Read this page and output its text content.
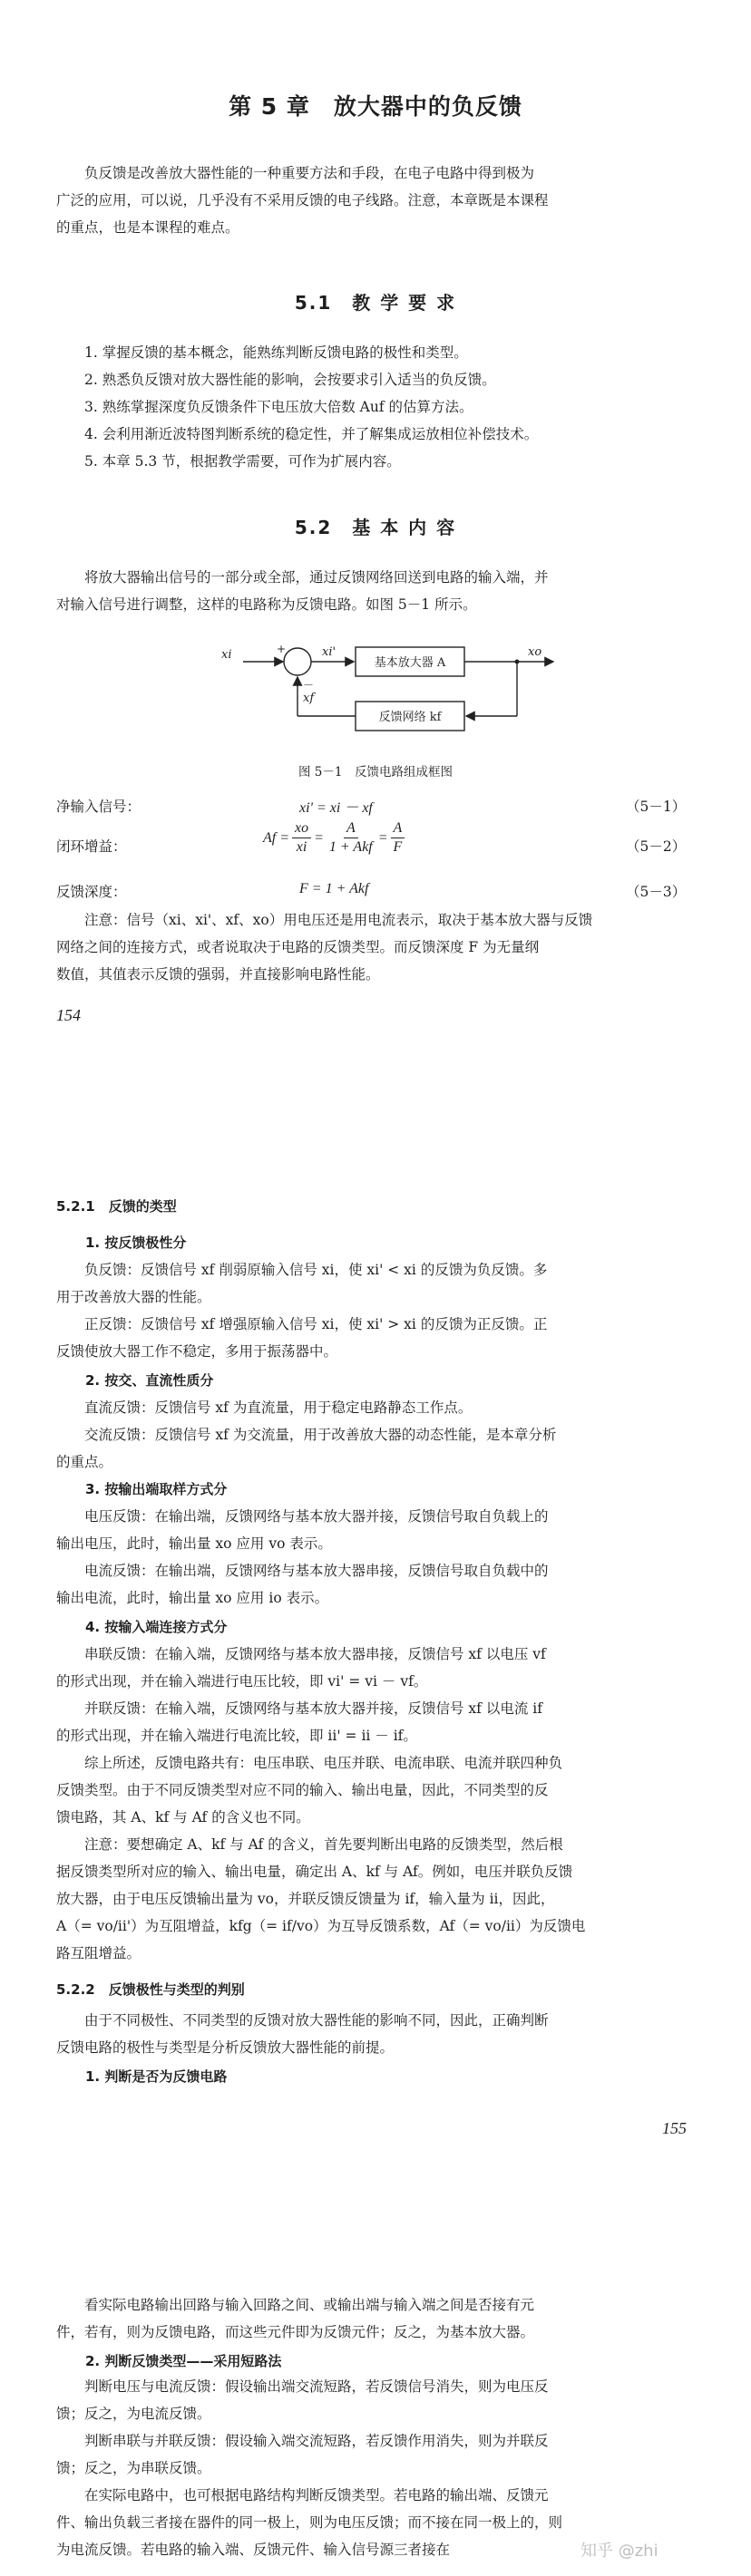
第 5 章　放大器中的负反馈
负反馈是改善放大器性能的一种重要方法和手段，在电子电路中得到极为
广泛的应用，可以说，几乎没有不采用反馈的电子线路。注意，本章既是本课程
的重点，也是本课程的难点。
5.1　教 学 要 求
1. 掌握反馈的基本概念，能熟练判断反馈电路的极性和类型。
2. 熟悉负反馈对放大器性能的影响，会按要求引入适当的负反馈。
3. 熟练掌握深度负反馈条件下电压放大倍数 Auf 的估算方法。
4. 会利用渐近波特图判断系统的稳定性，并了解集成运放相位补偿技术。
5. 本章 5.3 节，根据教学需要，可作为扩展内容。
5.2　基 本 内 容
将放大器输出信号的一部分或全部，通过反馈网络回送到电路的输入端，并
对输入信号进行调整，这样的电路称为反馈电路。如图 5－1 所示。
+
－
基本放大器 A
反馈网络 kf
xi	xi'
xf
xo
图 5－1　反馈电路组成框图
净输入信号：	xi' = xi － xf	（5－1）
闭环增益：
$Af = \frac{xo}{xi} = \frac{A}{\text{1 + Akf}} = \frac{A}{F}$	（5－2）
反馈深度：	F = 1 + Akf	（5－3）
注意：信号（xi、xi'、xf、xo）用电压还是用电流表示，取决于基本放大器与反馈
网络之间的连接方式，或者说取决于电路的反馈类型。而反馈深度 F 为无量纲
数值，其值表示反馈的强弱，并直接影响电路性能。
154
5.2.1　反馈的类型
1. 按反馈极性分
负反馈：反馈信号 xf 削弱原输入信号 xi，使 xi' < xi 的反馈为负反馈。多
用于改善放大器的性能。
正反馈：反馈信号 xf 增强原输入信号 xi，使 xi' > xi 的反馈为正反馈。正
反馈使放大器工作不稳定，多用于振荡器中。
2. 按交、直流性质分
直流反馈：反馈信号 xf 为直流量，用于稳定电路静态工作点。
交流反馈：反馈信号 xf 为交流量，用于改善放大器的动态性能，是本章分析
的重点。
3. 按输出端取样方式分
电压反馈：在输出端，反馈网络与基本放大器并接，反馈信号取自负载上的
输出电压，此时，输出量 xo 应用 vo 表示。
电流反馈：在输出端，反馈网络与基本放大器串接，反馈信号取自负载中的
输出电流，此时，输出量 xo 应用 io 表示。
4. 按输入端连接方式分
串联反馈：在输入端，反馈网络与基本放大器串接，反馈信号 xf 以电压 vf
的形式出现，并在输入端进行电压比较，即 vi' = vi － vf。
并联反馈：在输入端，反馈网络与基本放大器并接，反馈信号 xf 以电流 if
的形式出现，并在输入端进行电流比较，即 ii' = ii － if。
综上所述，反馈电路共有：电压串联、电压并联、电流串联、电流并联四种负
反馈类型。由于不同反馈类型对应不同的输入、输出电量，因此，不同类型的反
馈电路，其 A、kf 与 Af 的含义也不同。
注意：要想确定 A、kf 与 Af 的含义，首先要判断出电路的反馈类型，然后根
据反馈类型所对应的输入、输出电量，确定出 A、kf 与 Af。例如，电压并联负反馈
放大器，由于电压反馈输出量为 vo，并联反馈反馈量为 if，输入量为 ii，因此，
A（= vo/ii'）为互阻增益，kfg（= if/vo）为互导反馈系数，Af（= vo/ii）为反馈电
路互阻增益。
5.2.2　反馈极性与类型的判别
由于不同极性、不同类型的反馈对放大器性能的影响不同，因此，正确判断
反馈电路的极性与类型是分析反馈放大器性能的前提。
1. 判断是否为反馈电路
155
看实际电路输出回路与输入回路之间、或输出端与输入端之间是否接有元
件，若有，则为反馈电路，而这些元件即为反馈元件；反之，为基本放大器。
2. 判断反馈类型——采用短路法
判断电压与电流反馈：假设输出端交流短路，若反馈信号消失，则为电压反
馈；反之，为电流反馈。
判断串联与并联反馈：假设输入端交流短路，若反馈作用消失，则为并联反
馈；反之，为串联反馈。
在实际电路中，也可根据电路结构判断反馈类型。若电路的输出端、反馈元
件、输出负载三者接在器件的同一极上，则为电压反馈；而不接在同一极上的，则
为电流反馈。若电路的输入端、反馈元件、输入信号源三者接在	知乎 @zhi
